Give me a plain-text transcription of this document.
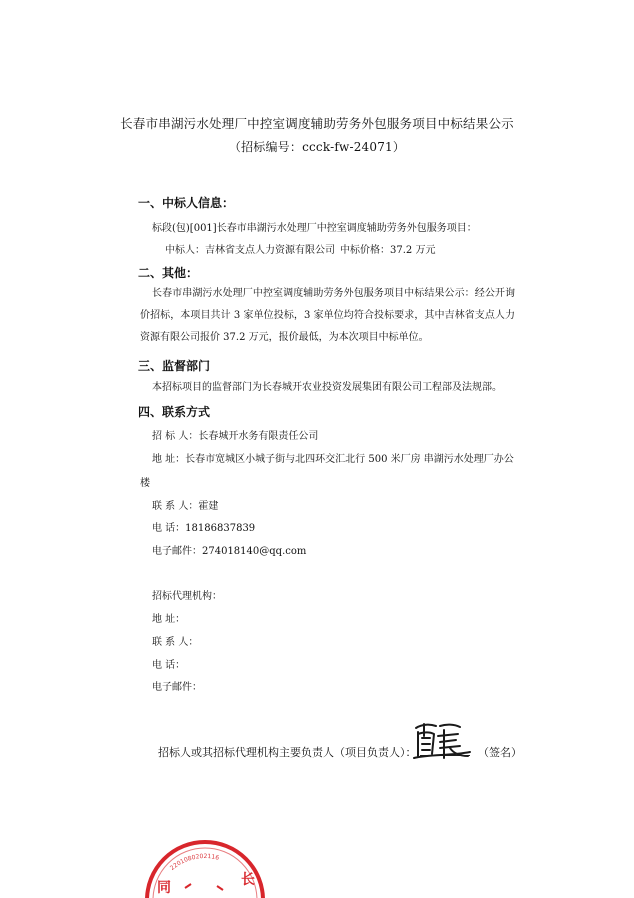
长春市串湖污水处理厂中控室调度辅助劳务外包服务项目中标结果公示
（招标编号：ccck-fw-24071）
一、中标人信息：
标段(包)[001]长春市串湖污水处理厂中控室调度辅助劳务外包服务项目：
中标人：吉林省支点人力资源有限公司 中标价格：37.2 万元
二、其他：
长春市串湖污水处理厂中控室调度辅助劳务外包服务项目中标结果公示：经公开询价招标，本项目共计 3 家单位投标，3 家单位均符合投标要求，其中吉林省支点人力资源有限公司报价 37.2 万元，报价最低，为本次项目中标单位。
三、监督部门
本招标项目的监督部门为长春城开农业投资发展集团有限公司工程部及法规部。
四、联系方式
招 标 人：长春城开水务有限责任公司
地 址：长春市宽城区小城子街与北四环交汇北行 500 米厂房 串湖污水处理厂办公
楼
联 系 人：霍建
电 话：18186837839
电子邮件：274018140@qq.com
招标代理机构：
地 址：
联 系 人：
电 话：
电子邮件：
招标人或其招标代理机构主要负责人（项目负责人）：	（签名）
2201080202116
同	长
